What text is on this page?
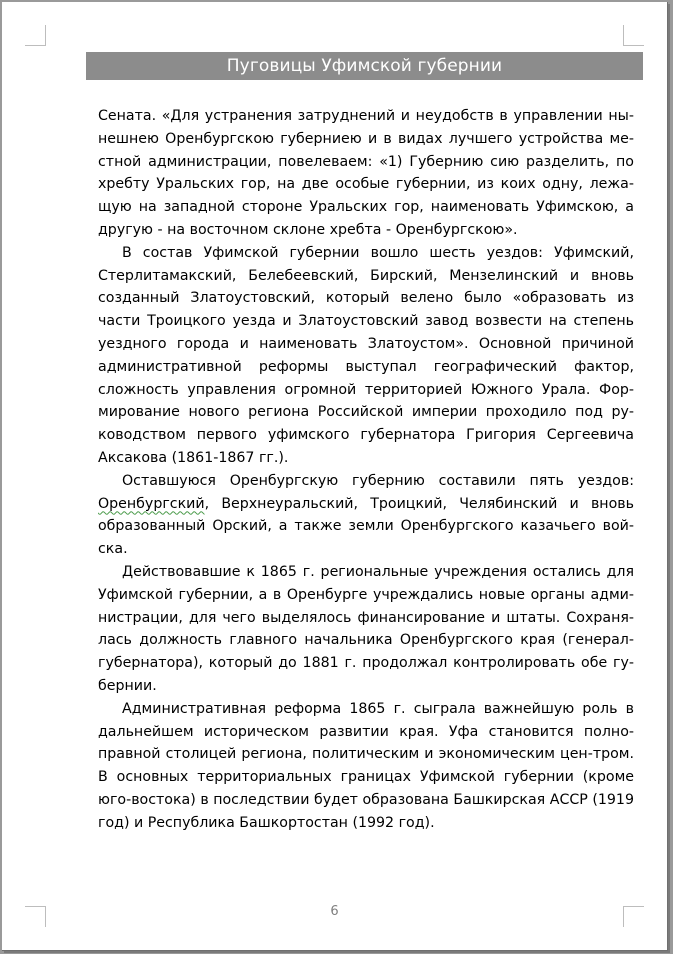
Пуговицы Уфимской губернии

Сената. «Для устранения затруднений и неудобств в управлении ны-нешнею Оренбургскою губерниею и в видах лучшего устройства ме-стной администрации, повелеваем: «1) Губернию сию разделить, по хребту Уральских гор, на две особые губернии, из коих одну, лежа-щую на западной стороне Уральских гор, наименовать Уфимскою, а другую - на восточном склоне хребта - Оренбургскою».

В состав Уфимской губернии вошло шесть уездов: Уфимский, Стерлитамакский, Белебеевский, Бирский, Мензелинский и вновь созданный Златоустовский, который велено было «образовать из части Троицкого уезда и Златоустовский завод возвести на степень уездного города и наименовать Златоустом». Основной причиной административной реформы выступал географический фактор, сложность управления огромной территорией Южного Урала. Фор-мирование нового региона Российской империи проходило под ру-ководством первого уфимского губернатора Григория Сергеевича Аксакова (1861-1867 гг.).

Оставшуюся Оренбургскую губернию составили пять уездов: Оренбургский, Верхнеуральский, Троицкий, Челябинский и вновь образованный Орский, а также земли Оренбургского казачьего вой-ска.

Действовавшие к 1865 г. региональные учреждения остались для Уфимской губернии, а в Оренбурге учреждались новые органы адми-нистрации, для чего выделялось финансирование и штаты. Сохраня-лась должность главного начальника Оренбургского края (генерал-губернатора), который до 1881 г. продолжал контролировать обе гу-бернии.

Административная реформа 1865 г. сыграла важнейшую роль в дальнейшем историческом развитии края. Уфа становится полно-правной столицей региона, политическим и экономическим цен-тром. В основных территориальных границах Уфимской губернии (кроме юго-востока) в последствии будет образована Башкирская АССР (1919 год) и Республика Башкортостан (1992 год).

6
